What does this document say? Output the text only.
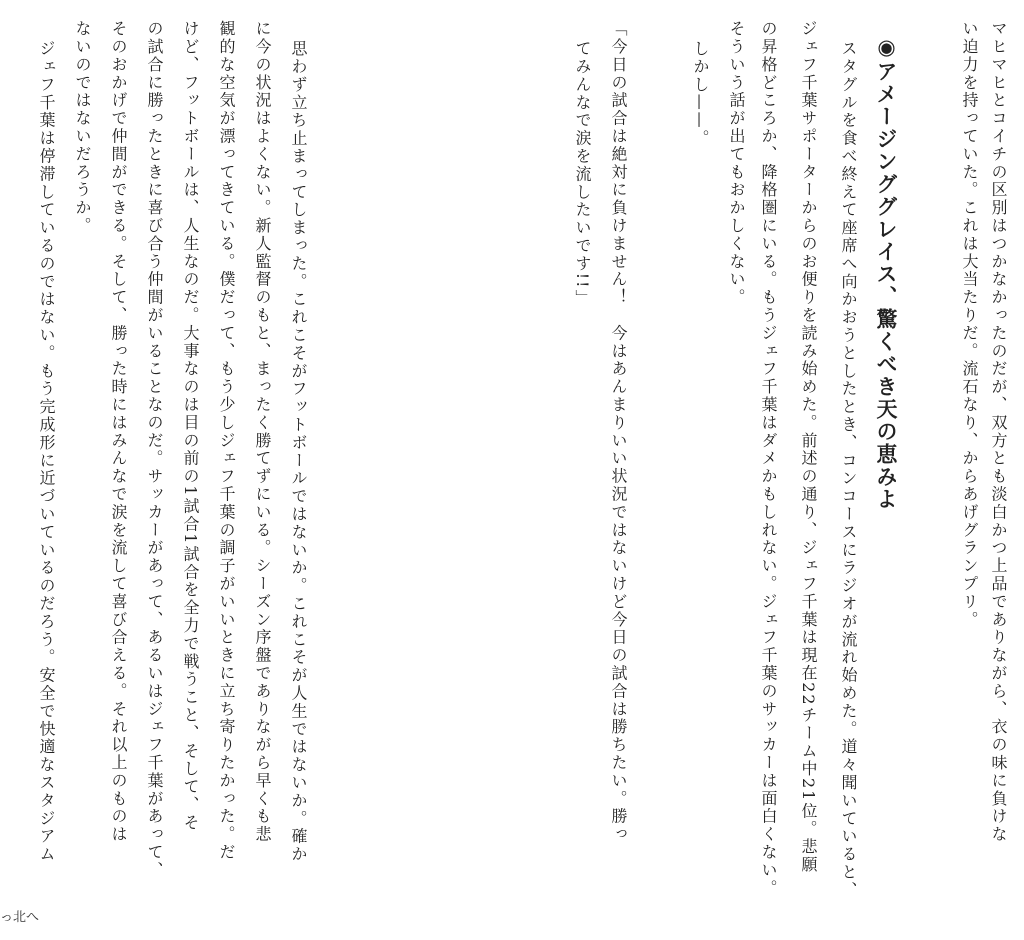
マヒマヒとコイチの区別はつかなかったのだが、双方とも淡白かつ上品でありながら、衣の味に負けな

い迫力を持っていた。これは大当たりだ。流石なり、からあげグランプリ。

◉アメージンググレイス、驚くべき天の恵みよ

スタグルを食べ終えて座席へ向かおうとしたとき、コンコースにラジオが流れ始めた。道々聞いていると、

ジェフ千葉サポーターからのお便りを読み始めた。前述の通り、ジェフ千葉は現在22チーム中21位。悲願

の昇格どころか、降格圏にいる。もうジェフ千葉はダメかもしれない。ジェフ千葉のサッカーは面白くない。

そういう話が出てもおかしくない。

しかし——。

「今日の試合は絶対に負けません！　今はあんまりいい状況ではないけど今日の試合は勝ちたい。勝っ

てみんなで涙を流したいです!!」

思わず立ち止まってしまった。これこそがフットボールではないか。これこそが人生ではないか。確か

に今の状況はよくない。新人監督のもと、まったく勝てずにいる。シーズン序盤でありながら早くも悲

観的な空気が漂ってきている。僕だって、もう少しジェフ千葉の調子がいいときに立ち寄りたかった。だ

けど、フットボールは、人生なのだ。大事なのは目の前の1試合1試合を全力で戦うこと、そして、そ

の試合に勝ったときに喜び合う仲間がいることなのだ。サッカーがあって、あるいはジェフ千葉があって、

そのおかげで仲間ができる。そして、勝った時にはみんなで涙を流して喜び合える。それ以上のものは

ないのではないだろうか。

ジェフ千葉は停滞しているのではない。もう完成形に近づいているのだろう。安全で快適なスタジアム

っ北へ
